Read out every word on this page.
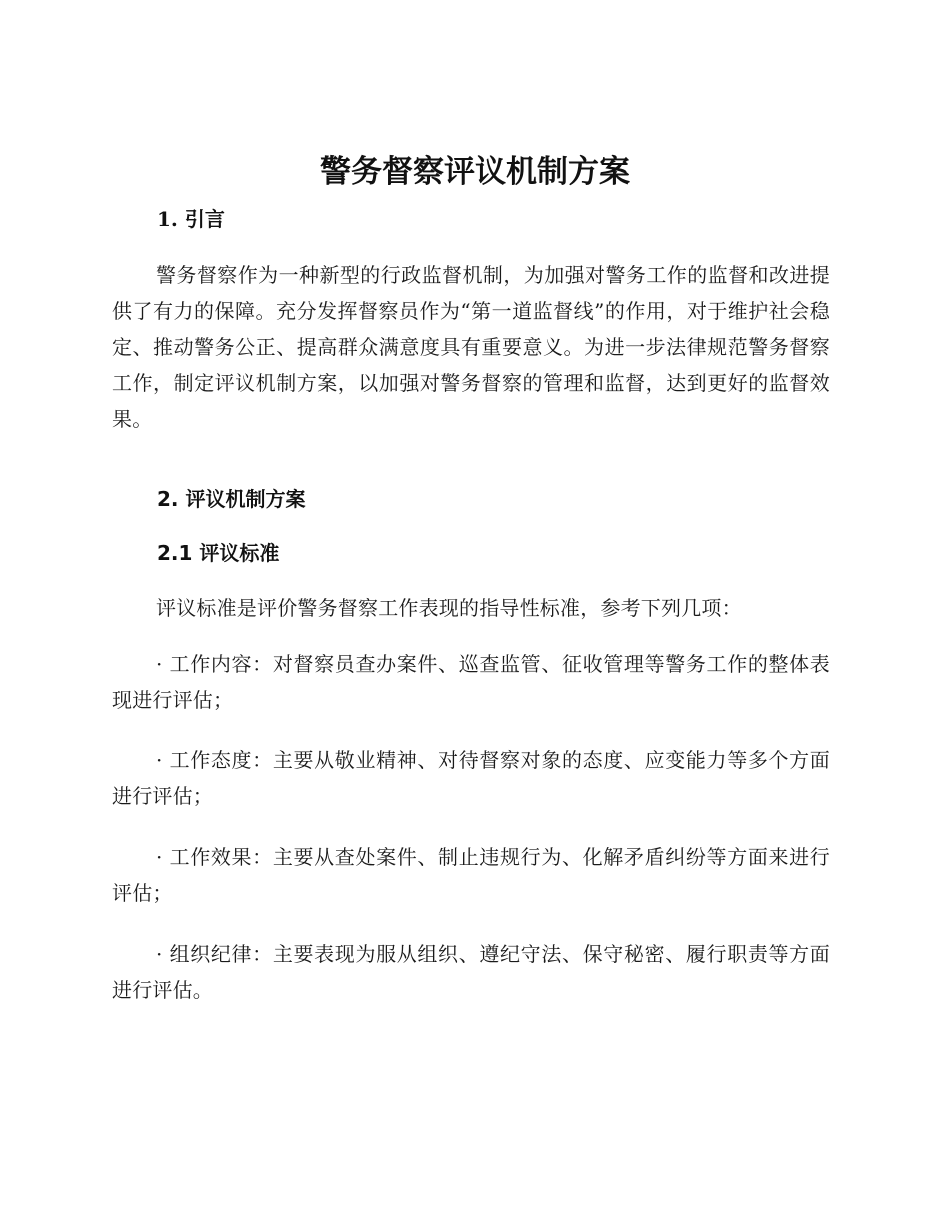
警务督察评议机制方案
1. 引言

警务督察作为一种新型的行政监督机制，为加强对警务工作的监督和改进提供了有力的保障。充分发挥督察员作为“第一道监督线”的作用，对于维护社会稳定、推动警务公正、提高群众满意度具有重要意义。为进一步法律规范警务督察工作，制定评议机制方案，以加强对警务督察的管理和监督，达到更好的监督效果。

2. 评议机制方案
2.1 评议标准

评议标准是评价警务督察工作表现的指导性标准，参考下列几项：

· 工作内容：对督察员查办案件、巡查监管、征收管理等警务工作的整体表现进行评估；

· 工作态度：主要从敬业精神、对待督察对象的态度、应变能力等多个方面进行评估；

· 工作效果：主要从查处案件、制止违规行为、化解矛盾纠纷等方面来进行评估；

· 组织纪律：主要表现为服从组织、遵纪守法、保守秘密、履行职责等方面进行评估。
